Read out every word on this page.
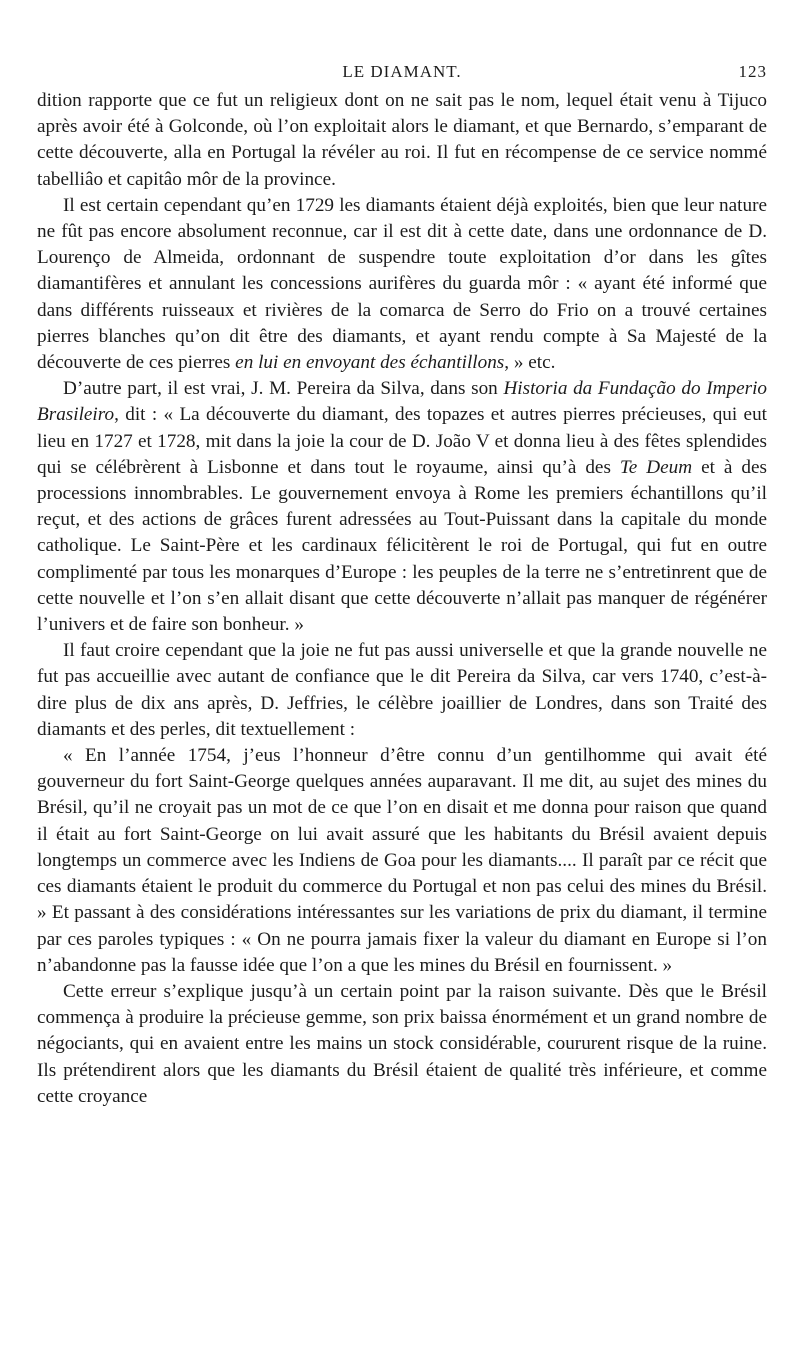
LE DIAMANT.	123

dition rapporte que ce fut un religieux dont on ne sait pas le nom, lequel était venu à Tijuco après avoir été à Golconde, où l’on exploitait alors le diamant, et que Bernardo, s’emparant de cette découverte, alla en Portugal la révéler au roi. Il fut en récompense de ce service nommé tabelliâo et capitâo môr de la province.

Il est certain cependant qu’en 1729 les diamants étaient déjà exploités, bien que leur nature ne fût pas encore absolument reconnue, car il est dit à cette date, dans une ordonnance de D. Lourenço de Almeida, ordonnant de suspendre toute exploitation d’or dans les gîtes diamantifères et annulant les concessions aurifères du guarda môr : « ayant été informé que dans différents ruisseaux et rivières de la comarca de Serro do Frio on a trouvé certaines pierres blanches qu’on dit être des diamants, et ayant rendu compte à Sa Majesté de la découverte de ces pierres en lui en envoyant des échantillons, » etc.

D’autre part, il est vrai, J. M. Pereira da Silva, dans son Historia da Fundação do Imperio Brasileiro, dit : « La découverte du diamant, des topazes et autres pierres précieuses, qui eut lieu en 1727 et 1728, mit dans la joie la cour de D. João V et donna lieu à des fêtes splendides qui se célébrèrent à Lisbonne et dans tout le royaume, ainsi qu’à des Te Deum et à des processions innombrables. Le gouvernement envoya à Rome les premiers échantillons qu’il reçut, et des actions de grâces furent adressées au Tout-Puissant dans la capitale du monde catholique. Le Saint-Père et les cardinaux félicitèrent le roi de Portugal, qui fut en outre complimenté par tous les monarques d’Europe : les peuples de la terre ne s’entretinrent que de cette nouvelle et l’on s’en allait disant que cette découverte n’allait pas manquer de régénérer l’univers et de faire son bonheur. »

Il faut croire cependant que la joie ne fut pas aussi universelle et que la grande nouvelle ne fut pas accueillie avec autant de confiance que le dit Pereira da Silva, car vers 1740, c’est-à-dire plus de dix ans après, D. Jeffries, le célèbre joaillier de Londres, dans son Traité des diamants et des perles, dit textuellement :

« En l’année 1754, j’eus l’honneur d’être connu d’un gentilhomme qui avait été gouverneur du fort Saint-George quelques années auparavant. Il me dit, au sujet des mines du Brésil, qu’il ne croyait pas un mot de ce que l’on en disait et me donna pour raison que quand il était au fort Saint-George on lui avait assuré que les habitants du Brésil avaient depuis longtemps un commerce avec les Indiens de Goa pour les diamants.... Il paraît par ce récit que ces diamants étaient le produit du commerce du Portugal et non pas celui des mines du Brésil. » Et passant à des considérations intéressantes sur les variations de prix du diamant, il termine par ces paroles typiques : « On ne pourra jamais fixer la valeur du diamant en Europe si l’on n’abandonne pas la fausse idée que l’on a que les mines du Brésil en fournissent. »

Cette erreur s’explique jusqu’à un certain point par la raison suivante. Dès que le Brésil commença à produire la précieuse gemme, son prix baissa énormément et un grand nombre de négociants, qui en avaient entre les mains un stock considérable, coururent risque de la ruine. Ils prétendirent alors que les diamants du Brésil étaient de qualité très inférieure, et comme cette croyance
